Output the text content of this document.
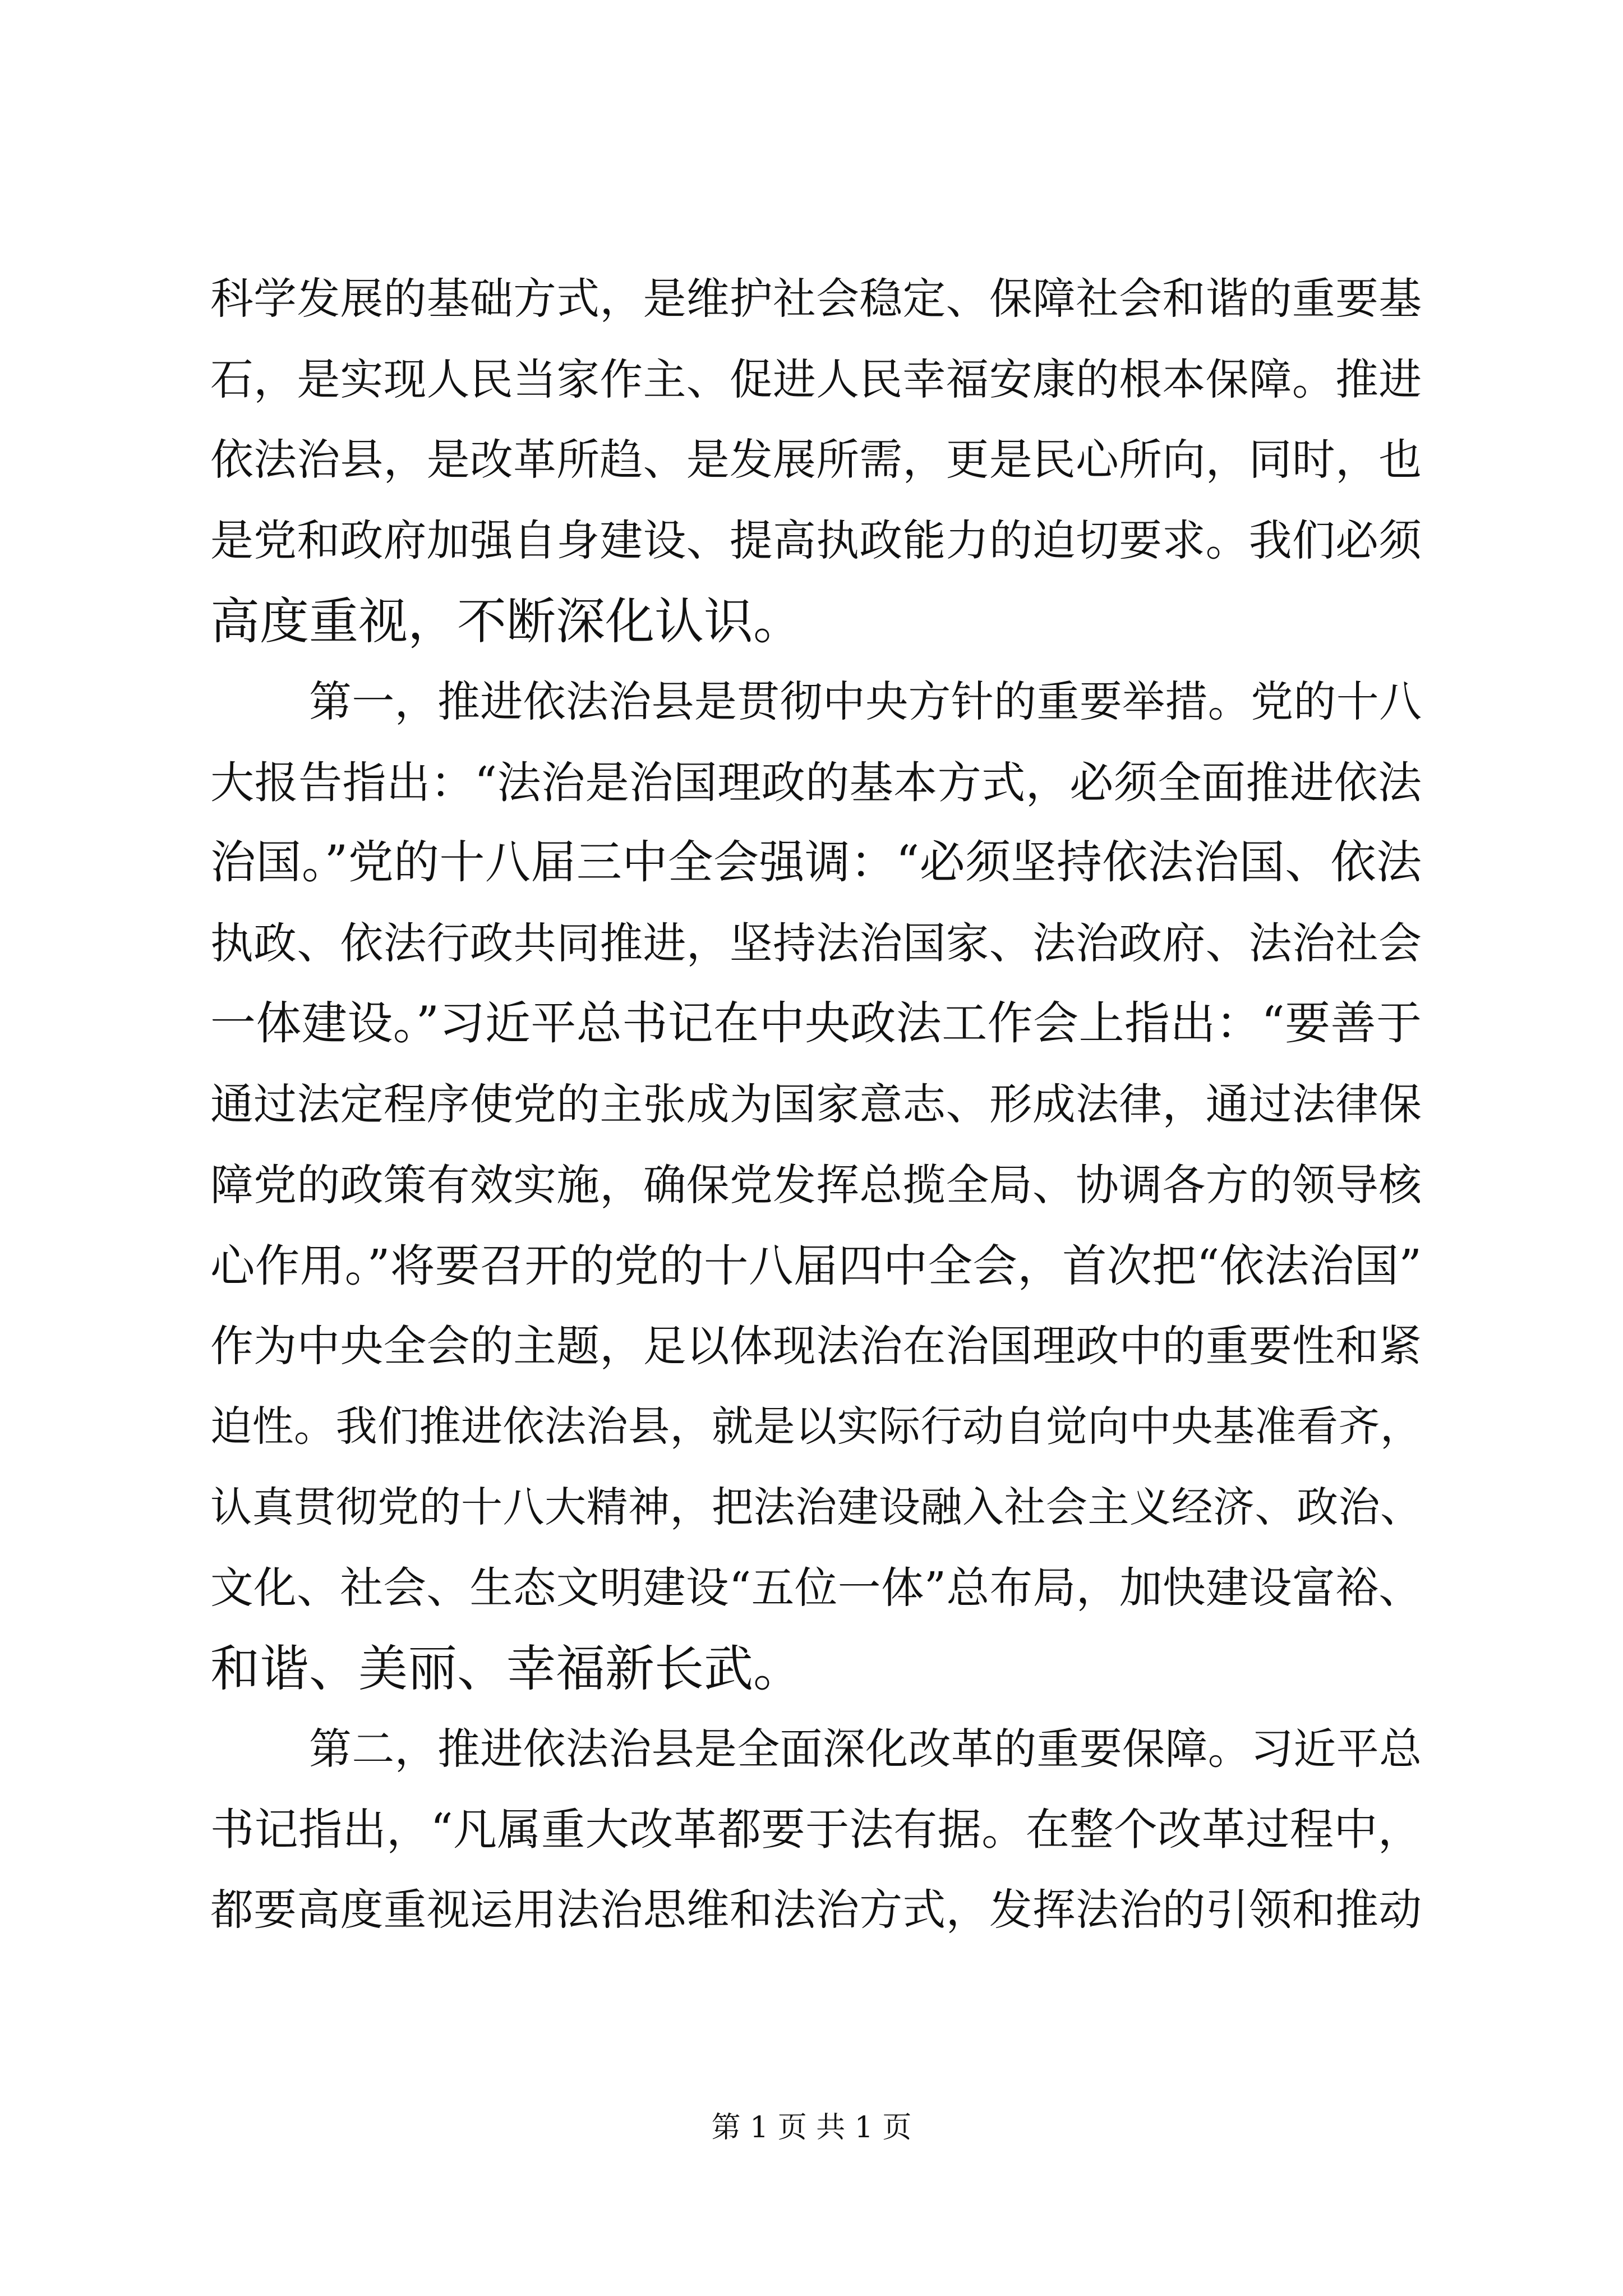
科学发展的基础方式，是维护社会稳定、保障社会和谐的重要基
石，是实现人民当家作主、促进人民幸福安康的根本保障。推进
依法治县，是改革所趋、是发展所需，更是民心所向，同时，也
是党和政府加强自身建设、提高执政能力的迫切要求。我们必须
高度重视，不断深化认识。
第一，推进依法治县是贯彻中央方针的重要举措。党的十八
大报告指出：“法治是治国理政的基本方式，必须全面推进依法
治国。”党的十八届三中全会强调：“必须坚持依法治国、依法
执政、依法行政共同推进，坚持法治国家、法治政府、法治社会
一体建设。”习近平总书记在中央政法工作会上指出：“要善于
通过法定程序使党的主张成为国家意志、形成法律，通过法律保
障党的政策有效实施，确保党发挥总揽全局、协调各方的领导核
心作用。”将要召开的党的十八届四中全会，首次把“依法治国”
作为中央全会的主题，足以体现法治在治国理政中的重要性和紧
迫性。我们推进依法治县，就是以实际行动自觉向中央基准看齐，
认真贯彻党的十八大精神，把法治建设融入社会主义经济、政治、
文化、社会、生态文明建设“五位一体”总布局，加快建设富裕、
和谐、美丽、幸福新长武。
第二，推进依法治县是全面深化改革的重要保障。习近平总
书记指出，“凡属重大改革都要于法有据。在整个改革过程中，
都要高度重视运用法治思维和法治方式，发挥法治的引领和推动
第 1 页 共 1 页
